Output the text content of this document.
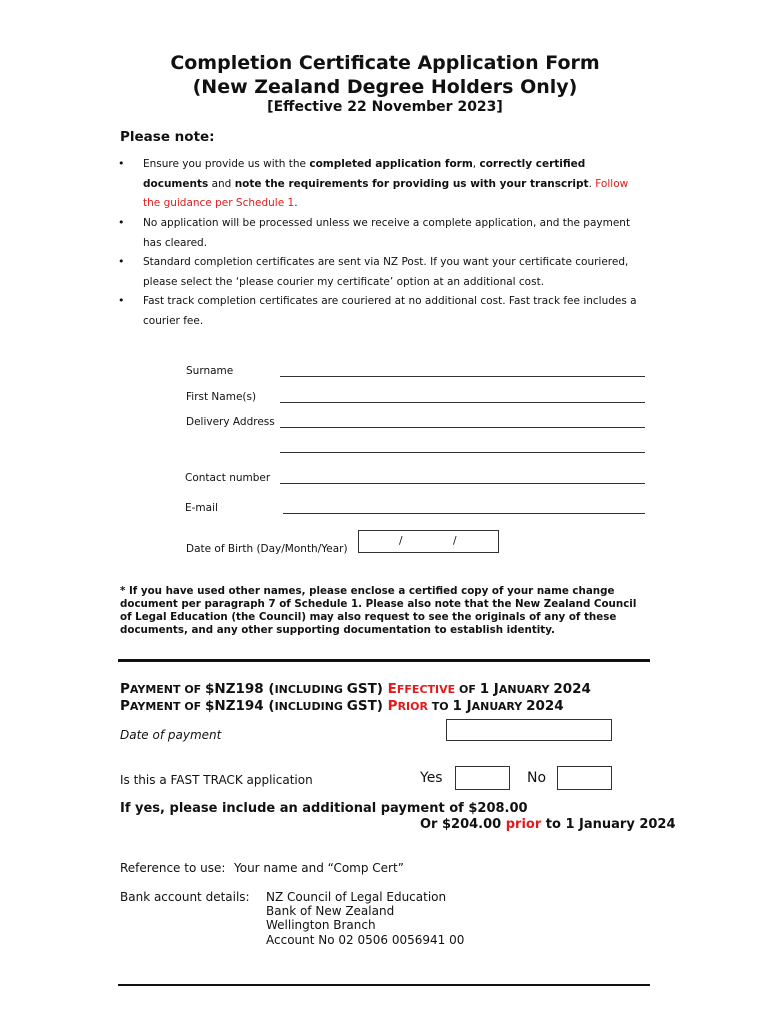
Completion Certificate Application Form
(New Zealand Degree Holders Only)
[Effective 22 November 2023]
Please note:
• Ensure you provide us with the completed application form, correctly certified documents and note the requirements for providing us with your transcript. Follow the guidance per Schedule 1.
• No application will be processed unless we receive a complete application, and the payment has cleared.
• Standard completion certificates are sent via NZ Post. If you want your certificate couriered, please select the ‘please courier my certificate’ option at an additional cost.
• Fast track completion certificates are couriered at no additional cost. Fast track fee includes a courier fee.
Surname
First Name(s)
Delivery Address
Contact number
E-mail
Date of Birth (Day/Month/Year)
/	/
* If you have used other names, please enclose a certified copy of your name change document per paragraph 7 of Schedule 1. Please also note that the New Zealand Council of Legal Education (the Council) may also request to see the originals of any of these documents, and any other supporting documentation to establish identity.
PAYMENT OF $NZ198 (INCLUDING GST) EFFECTIVE OF 1 JANUARY 2024
PAYMENT OF $NZ194 (INCLUDING GST) PRIOR TO 1 JANUARY 2024
Date of payment
Is this a FAST TRACK application	Yes	No
If yes, please include an additional payment of $208.00
Or $204.00 prior to 1 January 2024
Reference to use: Your name and “Comp Cert”
Bank account details: NZ Council of Legal Education
Bank of New Zealand
Wellington Branch
Account No 02 0506 0056941 00
